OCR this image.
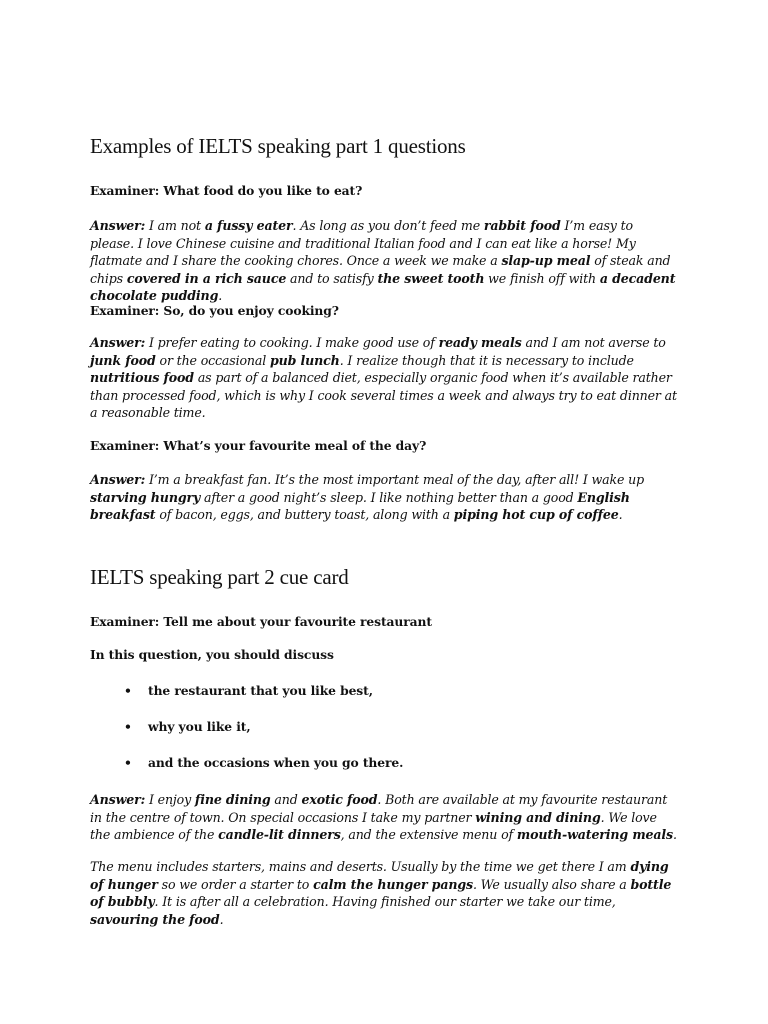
Examples of IELTS speaking part 1 questions

Examiner: What food do you like to eat?

Answer: I am not a fussy eater. As long as you don’t feed me rabbit food I’m easy to please. I love Chinese cuisine and traditional Italian food and I can eat like a horse! My flatmate and I share the cooking chores. Once a week we make a slap-up meal of steak and chips covered in a rich sauce and to satisfy the sweet tooth we finish off with a decadent chocolate pudding.

Examiner: So, do you enjoy cooking?

Answer: I prefer eating to cooking. I make good use of ready meals and I am not averse to junk food or the occasional pub lunch. I realize though that it is necessary to include nutritious food as part of a balanced diet, especially organic food when it’s available rather than processed food, which is why I cook several times a week and always try to eat dinner at a reasonable time.

Examiner: What’s your favourite meal of the day?

Answer: I’m a breakfast fan. It’s the most important meal of the day, after all! I wake up starving hungry after a good night’s sleep. I like nothing better than a good English breakfast of bacon, eggs, and buttery toast, along with a piping hot cup of coffee.

IELTS speaking part 2 cue card

Examiner: Tell me about your favourite restaurant

In this question, you should discuss

• the restaurant that you like best,
• why you like it,
• and the occasions when you go there.

Answer: I enjoy fine dining and exotic food. Both are available at my favourite restaurant in the centre of town. On special occasions I take my partner wining and dining. We love the ambience of the candle-lit dinners, and the extensive menu of mouth-watering meals.

The menu includes starters, mains and deserts. Usually by the time we get there I am dying of hunger so we order a starter to calm the hunger pangs. We usually also share a bottle of bubbly. It is after all a celebration. Having finished our starter we take our time, savouring the food.
